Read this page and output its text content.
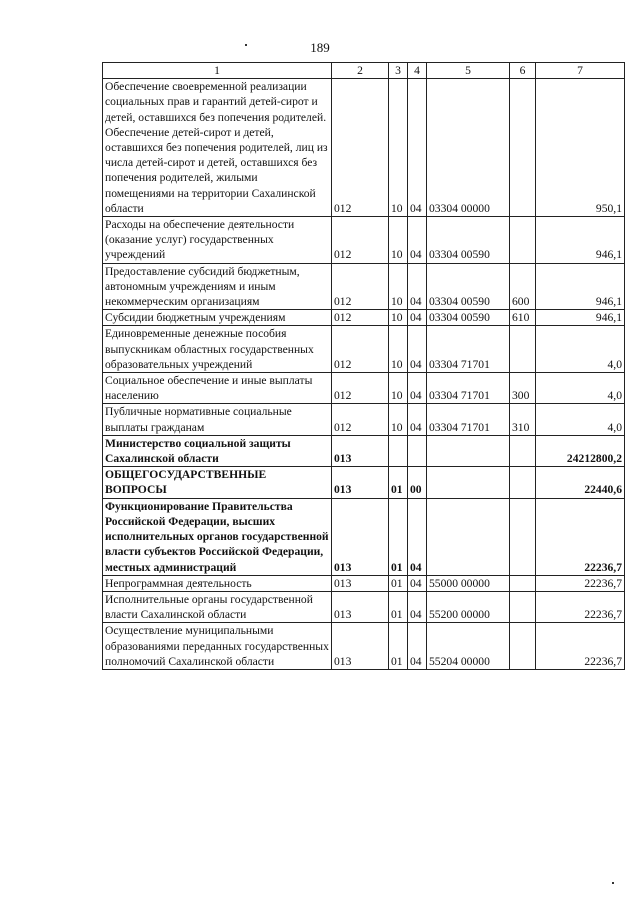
189
1	2	3	4	5	6	7
Обеспечение своевременной реализации социальных прав и гарантий детей-сирот и детей, оставшихся без попечения родителей. Обеспечение детей-сирот и детей, оставшихся без попечения родителей, лиц из числа детей-сирот и детей, оставшихся без попечения родителей, жилыми помещениями на территории Сахалинской области	012	10	04	03304 00000		950,1
Расходы на обеспечение деятельности (оказание услуг) государственных учреждений	012	10	04	03304 00590		946,1
Предоставление субсидий бюджетным, автономным учреждениям и иным некоммерческим организациям	012	10	04	03304 00590	600	946,1
Субсидии бюджетным учреждениям	012	10	04	03304 00590	610	946,1
Единовременные денежные пособия выпускникам областных государственных образовательных учреждений	012	10	04	03304 71701		4,0
Социальное обеспечение и иные выплаты населению	012	10	04	03304 71701	300	4,0
Публичные нормативные социальные выплаты гражданам	012	10	04	03304 71701	310	4,0
Министерство социальной защиты Сахалинской области	013					24212800,2
ОБЩЕГОСУДАРСТВЕННЫЕ ВОПРОСЫ	013	01	00			22440,6
Функционирование Правительства Российской Федерации, высших исполнительных органов государственной власти субъектов Российской Федерации, местных администраций	013	01	04			22236,7
Непрограммная деятельность	013	01	04	55000 00000		22236,7
Исполнительные органы государственной власти Сахалинской области	013	01	04	55200 00000		22236,7
Осуществление муниципальными образованиями переданных государственных полномочий Сахалинской области	013	01	04	55204 00000		22236,7
